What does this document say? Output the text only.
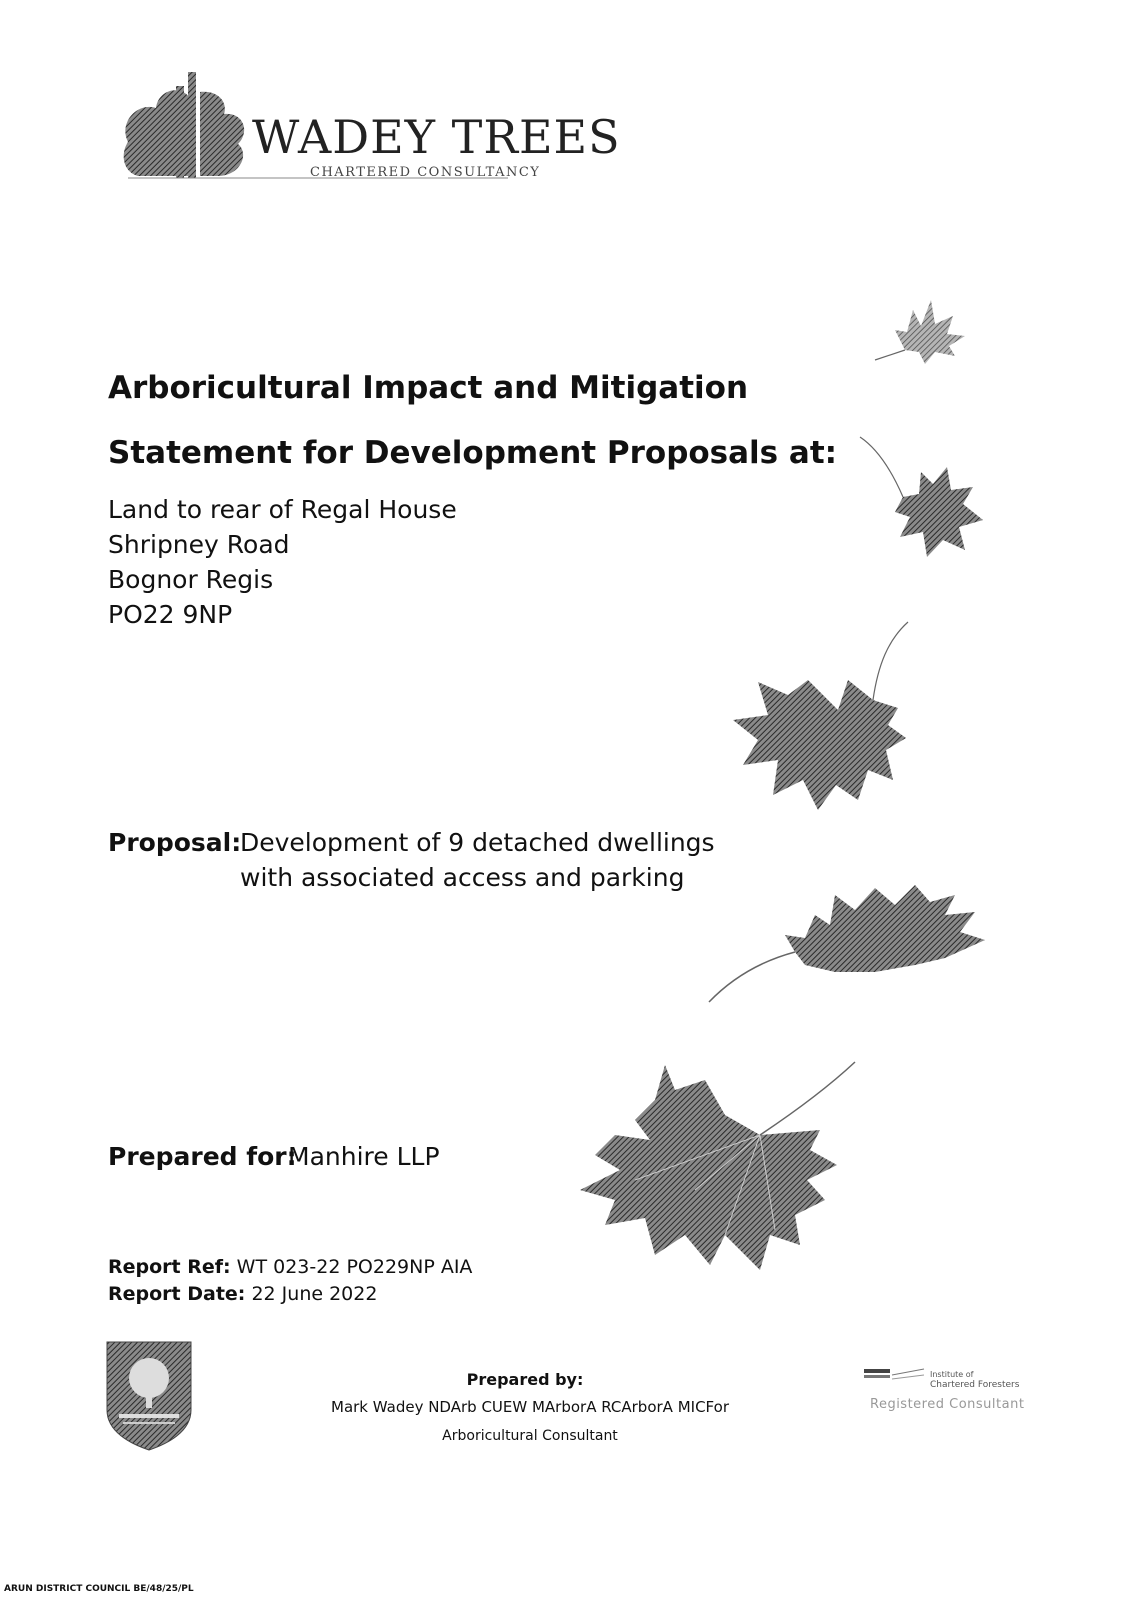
WADEY TREES
CHARTERED CONSULTANCY
Arboricultural Impact and Mitigation
Statement for Development Proposals at:
Land to rear of Regal House
Shripney Road
Bognor Regis
PO22 9NP
Proposal:
Development of 9 detached dwellings
with associated access and parking
Prepared for:
Manhire LLP
Report Ref: WT 023-22 PO229NP AIA
Report Date: 22 June 2022
Prepared by:
Mark Wadey NDArb CUEW MArborA RCArborA MICFor
Arboricultural Consultant
Institute of
Chartered Foresters
Registered Consultant
ARUN DISTRICT COUNCIL BE/48/25/PL
